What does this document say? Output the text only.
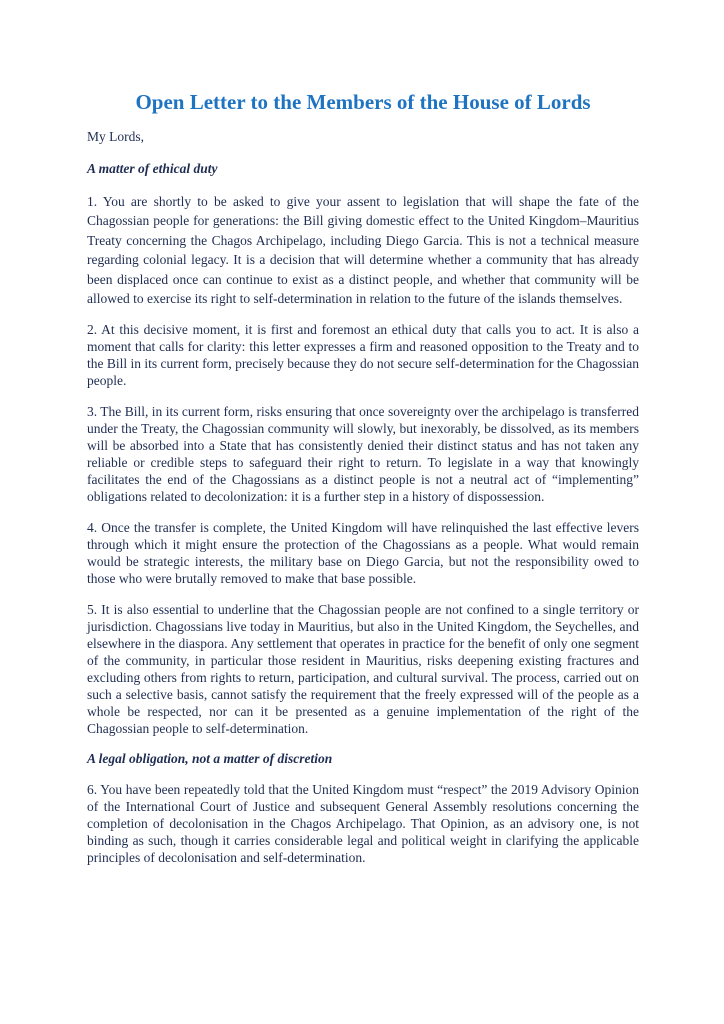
Open Letter to the Members of the House of Lords

My Lords,

A matter of ethical duty

1. You are shortly to be asked to give your assent to legislation that will shape the fate of the Chagossian people for generations: the Bill giving domestic effect to the United Kingdom–Mauritius Treaty concerning the Chagos Archipelago, including Diego Garcia. This is not a technical measure regarding colonial legacy. It is a decision that will determine whether a community that has already been displaced once can continue to exist as a distinct people, and whether that community will be allowed to exercise its right to self-determination in relation to the future of the islands themselves.

2. At this decisive moment, it is first and foremost an ethical duty that calls you to act. It is also a moment that calls for clarity: this letter expresses a firm and reasoned opposition to the Treaty and to the Bill in its current form, precisely because they do not secure self-determination for the Chagossian people.

3. The Bill, in its current form, risks ensuring that once sovereignty over the archipelago is transferred under the Treaty, the Chagossian community will slowly, but inexorably, be dissolved, as its members will be absorbed into a State that has consistently denied their distinct status and has not taken any reliable or credible steps to safeguard their right to return. To legislate in a way that knowingly facilitates the end of the Chagossians as a distinct people is not a neutral act of “implementing” obligations related to decolonization: it is a further step in a history of dispossession.

4. Once the transfer is complete, the United Kingdom will have relinquished the last effective levers through which it might ensure the protection of the Chagossians as a people. What would remain would be strategic interests, the military base on Diego Garcia, but not the responsibility owed to those who were brutally removed to make that base possible.

5. It is also essential to underline that the Chagossian people are not confined to a single territory or jurisdiction. Chagossians live today in Mauritius, but also in the United Kingdom, the Seychelles, and elsewhere in the diaspora. Any settlement that operates in practice for the benefit of only one segment of the community, in particular those resident in Mauritius, risks deepening existing fractures and excluding others from rights to return, participation, and cultural survival. The process, carried out on such a selective basis, cannot satisfy the requirement that the freely expressed will of the people as a whole be respected, nor can it be presented as a genuine implementation of the right of the Chagossian people to self-determination.

A legal obligation, not a matter of discretion

6. You have been repeatedly told that the United Kingdom must “respect” the 2019 Advisory Opinion of the International Court of Justice and subsequent General Assembly resolutions concerning the completion of decolonisation in the Chagos Archipelago. That Opinion, as an advisory one, is not binding as such, though it carries considerable legal and political weight in clarifying the applicable principles of decolonisation and self-determination.
